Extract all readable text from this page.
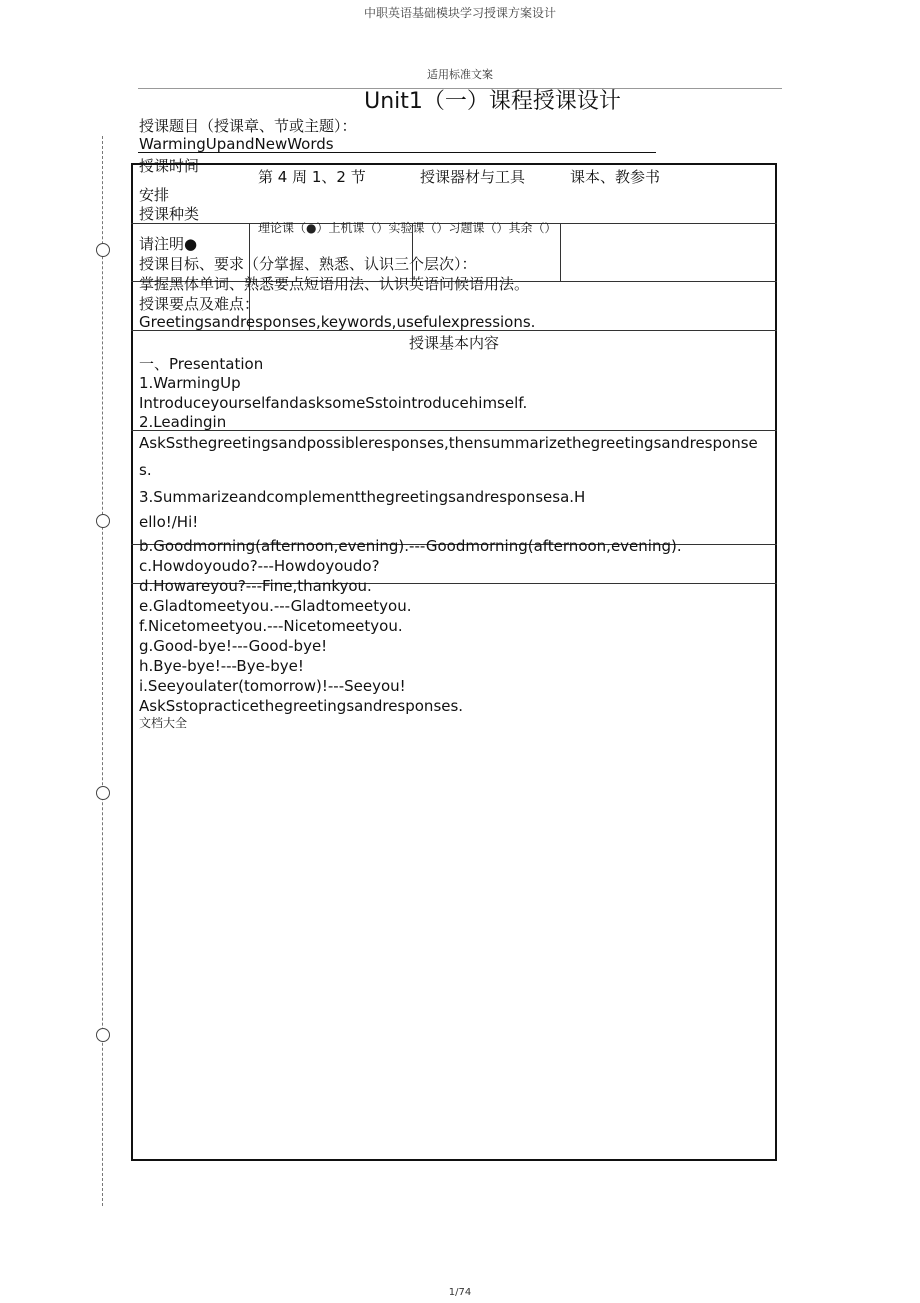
中职英语基础模块学习授课方案设计
适用标准文案
Unit1（一）课程授课设计
授课题目（授课章、节或主题）：
WarmingUpandNewWords
授课时间
安排
第 4 周 1、2 节	授课器材与工具	课本、教参书
授课种类
理论课（●）上机课（）实验课（）习题课（）其余（）
请注明●
授课目标、要求（分掌握、熟悉、认识三个层次）：
掌握黑体单词、熟悉要点短语用法、认识英语问候语用法。
授课要点及难点：
Greetingsandresponses,keywords,usefulexpressions.
授课基本内容
一、Presentation
1.WarmingUp
IntroduceyourselfandasksomeSstointroducehimself.
2.Leadingin
AskSsthegreetingsandpossibleresponses,thensummarizethegreetingsandresponse
s.
3.Summarizeandcomplementthegreetingsandresponsesa.H
ello!/Hi!
b.Goodmorning(afternoon,evening).---Goodmorning(afternoon,evening).
c.Howdoyoudo?---Howdoyoudo?
d.Howareyou?---Fine,thankyou.
e.Gladtomeetyou.---Gladtomeetyou.
f.Nicetomeetyou.---Nicetomeetyou.
g.Good-bye!---Good-bye!
h.Bye-bye!---Bye-bye!
i.Seeyoulater(tomorrow)!---Seeyou!
AskSstopracticethegreetingsandresponses.
文档大全
1/74
